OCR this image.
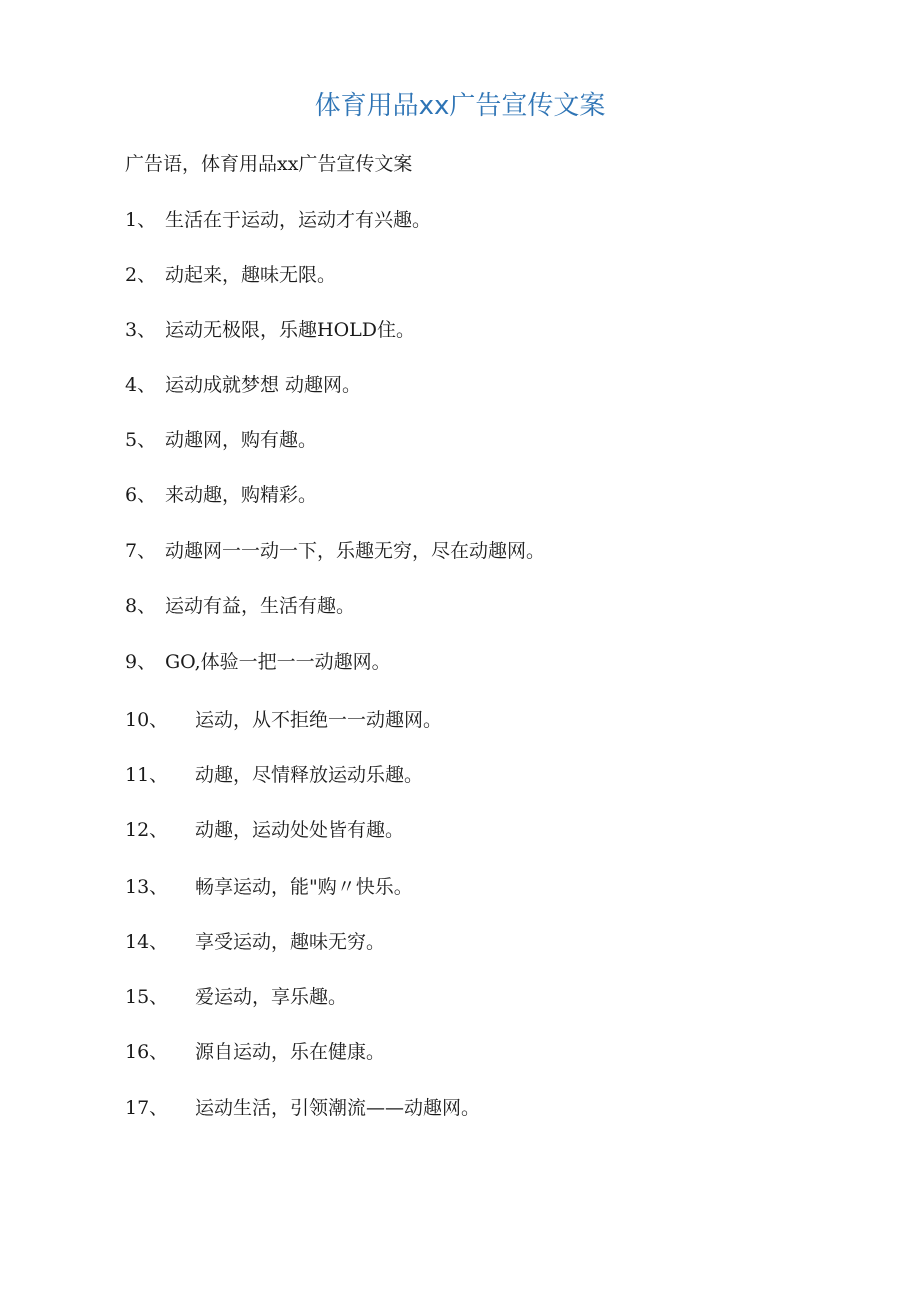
体育用品xx广告宣传文案

广告语，体育用品xx广告宣传文案

1、 生活在于运动，运动才有兴趣。
2、 动起来，趣味无限。
3、 运动无极限，乐趣HOLD住。
4、运动成就梦想 动趣网。
5、 动趣网，购有趣。
6、 来动趣，购精彩。
7、 动趣网一一动一下，乐趣无穷，尽在动趣网。
8、 运动有益，生活有趣。
9、 GO,体验一把一一动趣网。
10、 运动，从不拒绝一一动趣网。
11、 动趣，尽情释放运动乐趣。
12、 动趣，运动处处皆有趣。
13、 畅享运动，能"购〃快乐。
14、 享受运动，趣味无穷。
15、 爱运动，享乐趣。
16、 源自运动，乐在健康。
17、 运动生活，引领潮流——动趣网。
